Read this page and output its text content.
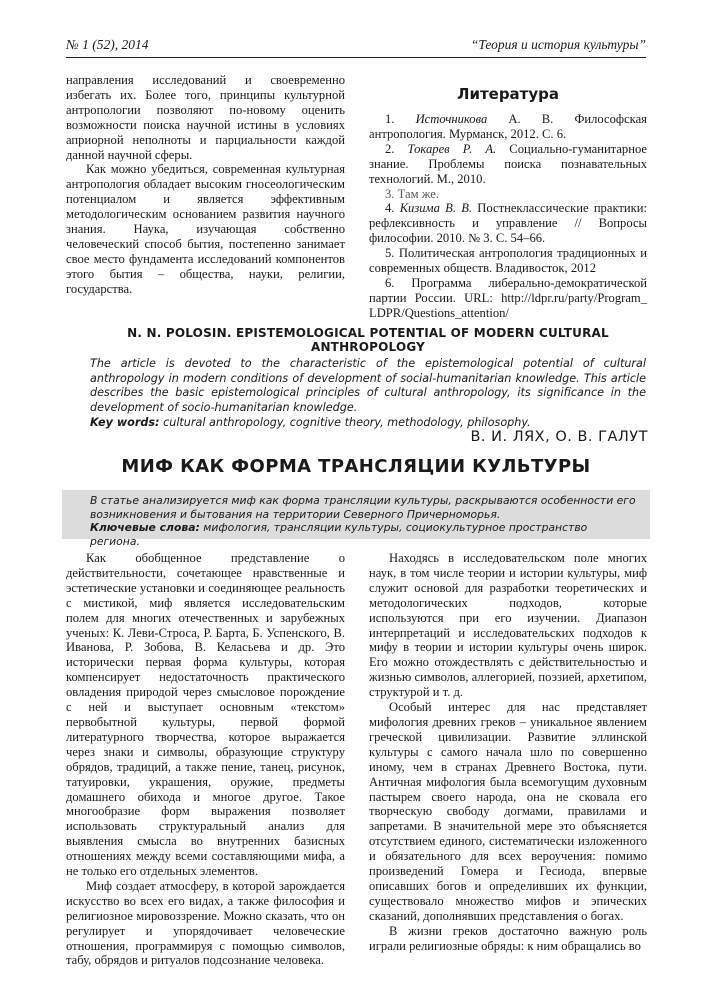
№ 1 (52), 2014	“Теория и история культуры”

направления исследований и своевременно избегать их. Более того, принципы культурной антропологии позволяют по-новому оценить возможности поиска научной истины в условиях априорной неполноты и парциальности каждой данной научной сферы.

Как можно убедиться, современная культурная антропология обладает высоким гносеологическим потенциалом и является эффективным методологическим основанием развития научного знания. Наука, изучающая собственно человеческий способ бытия, постепенно занимает свое место фундамента исследований компонентов этого бытия – общества, науки, религии, государства.

Литература

1. Источникова А. В. Философская антропология. Мурманск, 2012. С. 6.

2. Токарев Р. А. Социально-гуманитарное знание. Проблемы поиска познавательных технологий. М., 2010.

3. Там же.

4. Кизима В. В. Постнеклассические практики: рефлексивность и управление // Вопросы философии. 2010. № 3. С. 54–66.

5. Политическая антропология традиционных и современных обществ. Владивосток, 2012

6. Программа либерально-демократической партии России. URL: http://ldpr.ru/party/Program_ LDPR/Questions_attention/

N. N. POLOSIN. EPISTEMOLOGICAL POTENTIAL OF MODERN CULTURAL ANTHROPOLOGY

The article is devoted to the characteristic of the epistemological potential of cultural anthropology in modern conditions of development of social-humanitarian knowledge. This article describes the basic epistemological principles of cultural anthropology, its significance in the development of socio-humanitarian knowledge.

Key words: cultural anthropology, cognitive theory, methodology, philosophy.

В. И. ЛЯХ, О. В. ГАЛУТ
МИФ КАК ФОРМА ТРАНСЛЯЦИИ КУЛЬТУРЫ

В статье анализируется миф как форма трансляции культуры, раскрываются особенности его возникновения и бытования на территории Северного Причерноморья.

Ключевые слова: мифология, трансляции культуры, социокультурное пространство региона.

Как обобщенное представление о действительности, сочетающее нравственные и эстетические установки и соединяющее реальность с мистикой, миф является исследовательским полем для многих отечественных и зарубежных ученых: К. Леви-Строса, Р. Барта, Б. Успенского, В. Иванова, Р. Зобова, В. Келасьева и др. Это исторически первая форма культуры, которая компенсирует недостаточность практического овладения природой через смысловое порождение с ней и выступает основным «текстом» первобытной культуры, первой формой литературного творчества, которое выражается через знаки и символы, образующие структуру обрядов, традиций, а также пение, танец, рисунок, татуировки, украшения, оружие, предметы домашнего обихода и многое другое. Такое многообразие форм выражения позволяет использовать структуральный анализ для выявления смысла во внутренних базисных отношениях между всеми составляющими мифа, а не только его отдельных элементов.

Миф создает атмосферу, в которой зарождается искусство во всех его видах, а также философия и религиозное мировоззрение. Можно сказать, что он регулирует и упорядочивает человеческие отношения, программируя с помощью символов, табу, обрядов и ритуалов подсознание человека.

Находясь в исследовательском поле многих наук, в том числе теории и истории культуры, миф служит основой для разработки теоретических и методологических подходов, которые используются при его изучении. Диапазон интерпретаций и исследовательских подходов к мифу в теории и истории культуры очень широк. Его можно отождествлять с действительностью и жизнью символов, аллегорией, поэзией, архетипом, структурой и т. д.

Особый интерес для нас представляет мифология древних греков – уникальное явлением греческой цивилизации. Развитие эллинской культуры с самого начала шло по совершенно иному, чем в странах Древнего Востока, пути. Античная мифология была всемогущим духовным пастырем своего народа, она не сковала его творческую свободу догмами, правилами и запретами. В значительной мере это объясняется отсутствием единого, систематически изложенного и обязательного для всех вероучения: помимо произведений Гомера и Гесиода, впервые описавших богов и определивших их функции, существовало множество мифов и эпических сказаний, дополнявших представления о богах.

В жизни греков достаточно важную роль играли религиозные обряды: к ним обращались во
